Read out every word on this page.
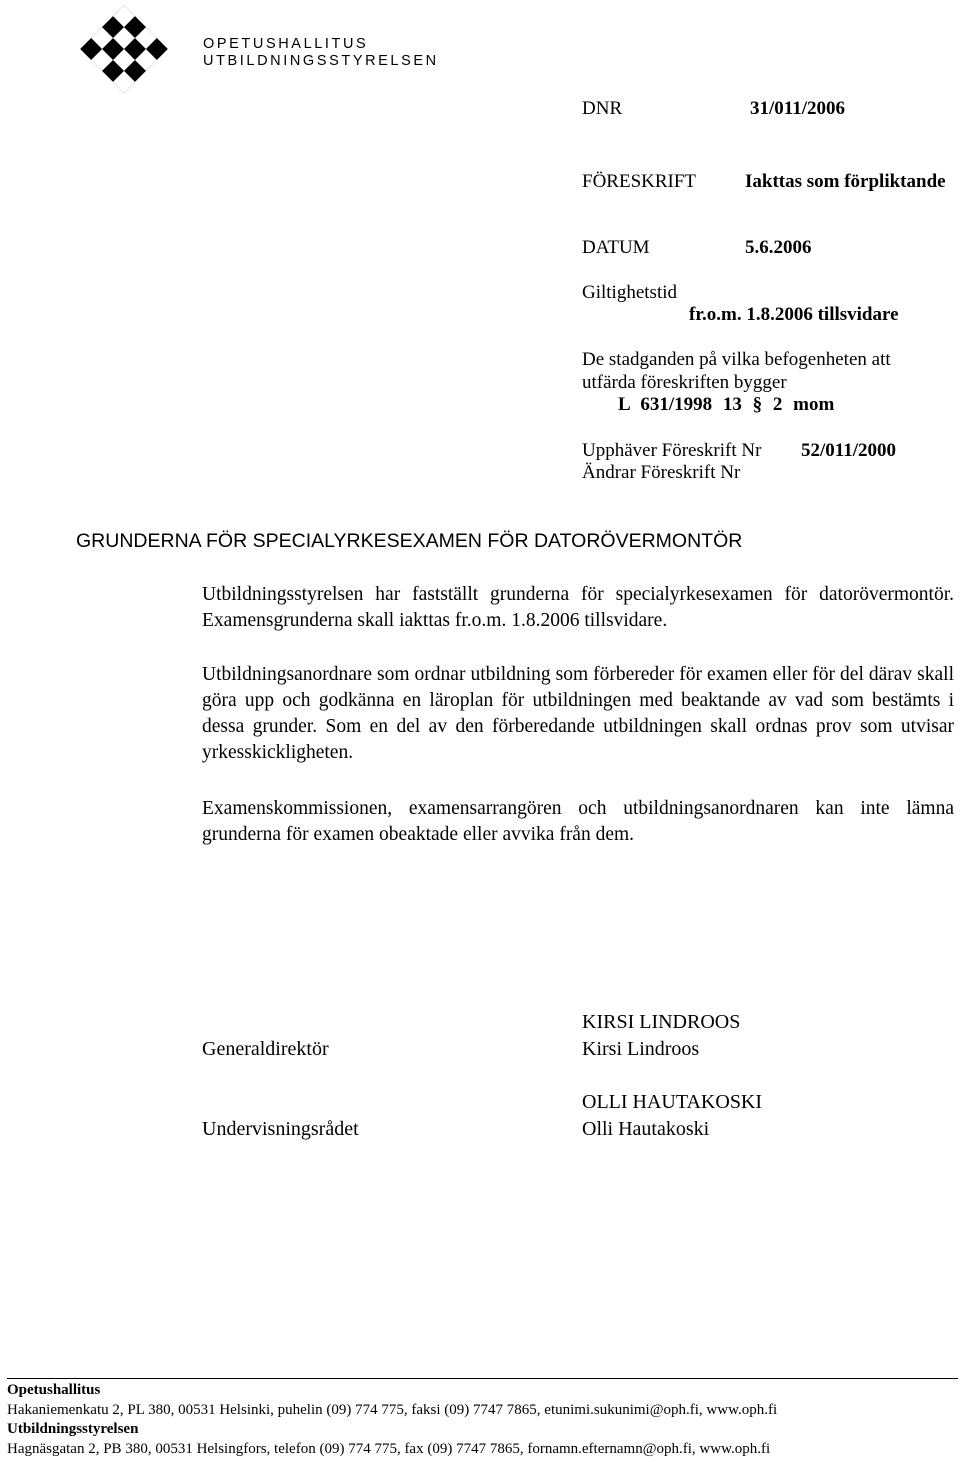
OPETUSHALLITUS
UTBILDNINGSSTYRELSEN
DNR	31/011/2006
FÖRESKRIFT	Iakttas som förpliktande
DATUM	5.6.2006
Giltighetstid
fr.o.m. 1.8.2006 tillsvidare
De stadganden på vilka befogenheten att
utfärda föreskriften bygger
L 631/1998 13 § 2 mom
Upphäver Föreskrift Nr 52/011/2000
Ändrar Föreskrift Nr
GRUNDERNA FÖR SPECIALYRKESEXAMEN FÖR DATORÖVERMONTÖR

Utbildningsstyrelsen har fastställt grunderna för specialyrkesexamen för datorövermontör. Examensgrunderna skall iakttas fr.o.m. 1.8.2006 tillsvidare.

Utbildningsanordnare som ordnar utbildning som förbereder för examen eller för del därav skall göra upp och godkänna en läroplan för utbildningen med beaktande av vad som bestämts i dessa grunder. Som en del av den förberedande utbildningen skall ordnas prov som utvisar yrkesskickligheten.

Examenskommissionen, examensarrangören och utbildningsanordnaren kan inte lämna grunderna för examen obeaktade eller avvika från dem.

Generaldirektör
KIRSI LINDROOS
Kirsi Lindroos
Undervisningsrådet
OLLI HAUTAKOSKI
Olli Hautakoski
Opetushallitus
Hakaniemenkatu 2, PL 380, 00531 Helsinki, puhelin (09) 774 775, faksi (09) 7747 7865, etunimi.sukunimi@oph.fi, www.oph.fi
Utbildningsstyrelsen
Hagnäsgatan 2, PB 380, 00531 Helsingfors, telefon (09) 774 775, fax (09) 7747 7865, fornamn.efternamn@oph.fi, www.oph.fi
